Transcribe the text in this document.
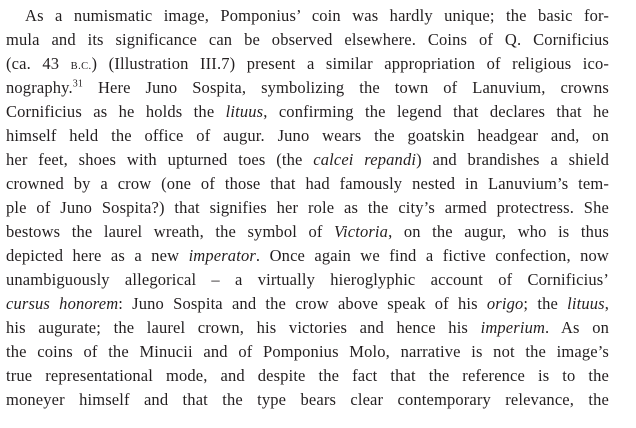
As a numismatic image, Pomponius’ coin was hardly unique; the basic for-
mula and its significance can be observed elsewhere. Coins of Q. Cornificius
(ca. 43 B.C.) (Illustration III.7) present a similar appropriation of religious ico-
nography.$^{31}$ Here Juno Sospita, symbolizing the town of Lanuvium, crowns
Cornificius as he holds the lituus, confirming the legend that declares that he
himself held the office of augur. Juno wears the goatskin headgear and, on
her feet, shoes with upturned toes (the calcei repandi) and brandishes a shield
crowned by a crow (one of those that had famously nested in Lanuvium’s tem-
ple of Juno Sospita?) that signifies her role as the city’s armed protectress. She
bestows the laurel wreath, the symbol of Victoria, on the augur, who is thus
depicted here as a new imperator. Once again we find a fictive confection, now
unambiguously allegorical – a virtually hieroglyphic account of Cornificius’
cursus honorem: Juno Sospita and the crow above speak of his origo; the lituus,
his augurate; the laurel crown, his victories and hence his imperium. As on
the coins of the Minucii and of Pomponius Molo, narrative is not the image’s
true representational mode, and despite the fact that the reference is to the
moneyer himself and that the type bears clear contemporary relevance, the
